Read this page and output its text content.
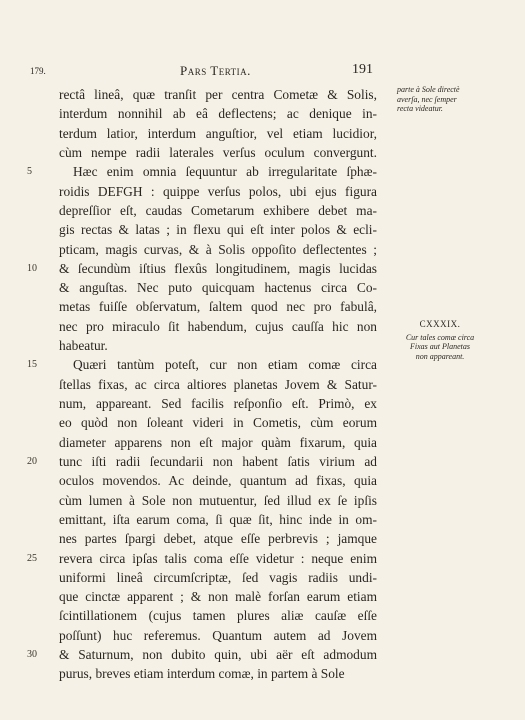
179.	Pars Tertia.	191
rectâ lineâ, quæ tranſit per centra Cometæ & Solis,
interdum nonnihil ab eâ deflectens; ac denique in-
terdum latior, interdum anguſtior, vel etiam lucidior,
cùm nempe radii laterales verſus oculum convergunt.
Hæc enim omnia ſequuntur ab irregularitate ſphæ-
5
roidis DEFGH : quippe verſus polos, ubi ejus figura
depreſſior eſt, caudas Cometarum exhibere debet ma-
gis rectas & latas ; in flexu qui eſt inter polos & ecli-
pticam, magis curvas, & à Solis oppoſito deflectentes ;
& ſecundùm iſtius flexûs longitudinem, magis lucidas
10
& anguſtas. Nec puto quicquam hactenus circa Co-
metas fuiſſe obſervatum, ſaltem quod nec pro fabulâ,
nec pro miraculo ſit habendum, cujus cauſſa hic non
habeatur.
Quæri tantùm poteſt, cur non etiam comæ circa
15
ſtellas fixas, ac circa altiores planetas Jovem & Satur-
num, appareant. Sed facilis reſponſio eſt. Primò, ex
eo quòd non ſoleant videri in Cometis, cùm eorum
diameter apparens non eſt major quàm fixarum, quia
tunc iſti radii ſecundarii non habent ſatis virium ad
20
oculos movendos. Ac deinde, quantum ad fixas, quia
cùm lumen à Sole non mutuentur, ſed illud ex ſe ipſis
emittant, iſta earum coma, ſi quæ ſit, hinc inde in om-
nes partes ſpargi debet, atque eſſe perbrevis ; jamque
revera circa ipſas talis coma eſſe videtur : neque enim
25
uniformi lineâ circumſcriptæ, ſed vagis radiis undi-
que cinctæ apparent ; & non malè forſan earum etiam
ſcintillationem (cujus tamen plures aliæ cauſæ eſſe
poſſunt) huc referemus. Quantum autem ad Jovem
& Saturnum, non dubito quin, ubi aër eſt admodum
30
purus, breves etiam interdum comæ, in partem à Sole
parte à Sole directè
averſa, nec ſemper
recta videatur.
CXXXIX.
Cur tales comæ circa
Fixas aut Planetas
non appareant.
